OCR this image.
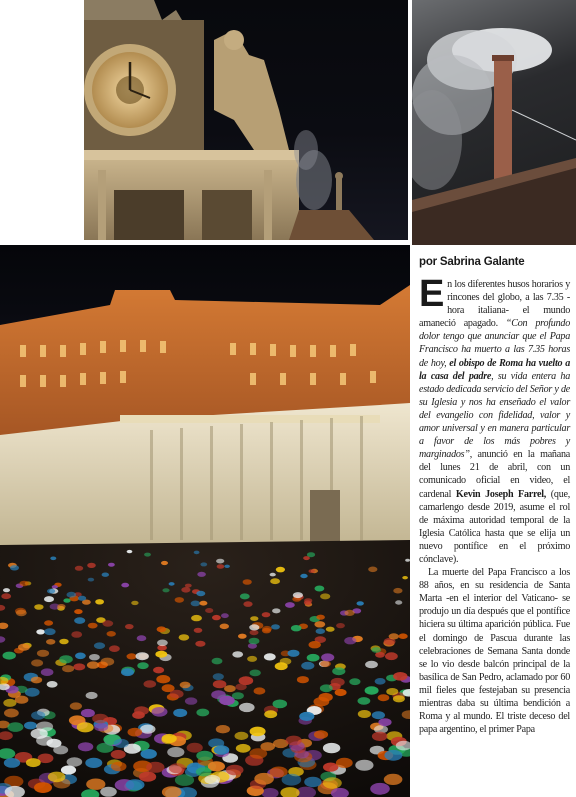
por Sabrina Galante

En los diferentes husos horarios y rincones del globo, a las 7.35 -hora italiana- el mundo amaneció apagado. “Con profundo dolor tengo que anunciar que el Papa Francisco ha muerto a las 7.35 horas de hoy, el obispo de Roma ha vuelto a la casa del padre, su vida entera ha estado dedicada servicio del Señor y de su Iglesia y nos ha enseñado el valor del evangelio con fidelidad, valor y amor universal y en manera particular a favor de los más pobres y marginados”, anunció en la mañana del lunes 21 de abril, con un comunicado oficial en video, el cardenal Kevin Joseph Farrel, (que, camarlengo desde 2019, asume el rol de máxima autoridad temporal de la Iglesia Católica hasta que se elija un nuevo pontífice en el próximo cónclave).

La muerte del Papa Francisco a los 88 años, en su residencia de Santa Marta -en el interior del Vaticano- se produjo un día después que el pontífice hiciera su última aparición pública. Fue el domingo de Pascua durante las celebraciones de Semana Santa donde se lo vio desde balcón principal de la basílica de San Pedro, aclamado por 60 mil fieles que festejaban su presencia mientras daba su última bendición a Roma y al mundo. El triste deceso del papa argentino, el primer Papa
